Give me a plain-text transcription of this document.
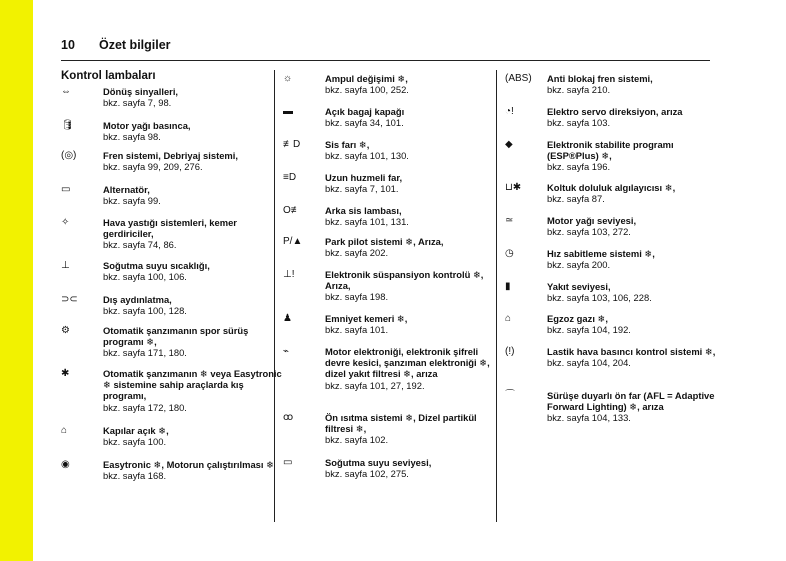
10 Özet bilgiler
Kontrol lambaları
⇔	Dönüş sinyalleri,
bkz. sayfa 7, 98.
🛢	Motor yağı basınca,
bkz. sayfa 98.
(◎)	Fren sistemi, Debriyaj sistemi,
bkz. sayfa 99, 209, 276.
▭	Alternatör,
bkz. sayfa 99.
✧	Hava yastığı sistemleri, kemer gerdiriciler,
bkz. sayfa 74, 86.
⊥	Soğutma suyu sıcaklığı,
bkz. sayfa 100, 106.
⊃⊂	Dış aydınlatma,
bkz. sayfa 100, 128.
⚙	Otomatik şanzımanın spor sürüş programı ❄,
bkz. sayfa 171, 180.
✱	Otomatik şanzımanın ❄ veya Easytronic ❄ sistemine sahip araçlarda kış programı,
bkz. sayfa 172, 180.
⌂	Kapılar açık ❄,
bkz. sayfa 100.
◉	Easytronic ❄, Motorun çalıştırılması ❄
bkz. sayfa 168.
☼	Ampul değişimi ❄,
bkz. sayfa 100, 252.
▬	Açık bagaj kapağı
bkz. sayfa 34, 101.
≢D	Sis farı ❄,
bkz. sayfa 101, 130.
≡D	Uzun huzmeli far,
bkz. sayfa 7, 101.
O≢	Arka sis lambası,
bkz. sayfa 101, 131.
P/▲ Park pilot sistemi ❄, Arıza,
bkz. sayfa 202.
⊥!	Elektronik süspansiyon kontrolü ❄, Arıza,
bkz. sayfa 198.
♟	Emniyet kemeri ❄,
bkz. sayfa 101.
⌁	Motor elektroniği, elektronik şifreli devre kesici, şanzıman elektroniği ❄, dizel yakıt filtresi ❄, arıza
bkz. sayfa 101, 27, 192.
ꝏ	Ön ısıtma sistemi ❄, Dizel partikül filtresi ❄,
bkz. sayfa 102.
▭	Soğutma suyu seviyesi,
bkz. sayfa 102, 275.
(ABS) Anti blokaj fren sistemi,
bkz. sayfa 210.
◔!	Elektro servo direksiyon, arıza
bkz. sayfa 103.
◆	Elektronik stabilite programı (ESP®Plus) ❄,
bkz. sayfa 196.
⊔✱	Koltuk doluluk algılayıcısı ❄,
bkz. sayfa 87.
≃	Motor yağı seviyesi,
bkz. sayfa 103, 272.
◷	Hız sabitleme sistemi ❄,
bkz. sayfa 200.
▮	Yakıt seviyesi,
bkz. sayfa 103, 106, 228.
⌂	Egzoz gazı ❄,
bkz. sayfa 104, 192.
(!)	Lastik hava basıncı kontrol sistemi ❄,
bkz. sayfa 104, 204.
⌒	Sürüşe duyarlı ön far (AFL = Adaptive Forward Lighting) ❄, arıza
bkz. sayfa 104, 133.
